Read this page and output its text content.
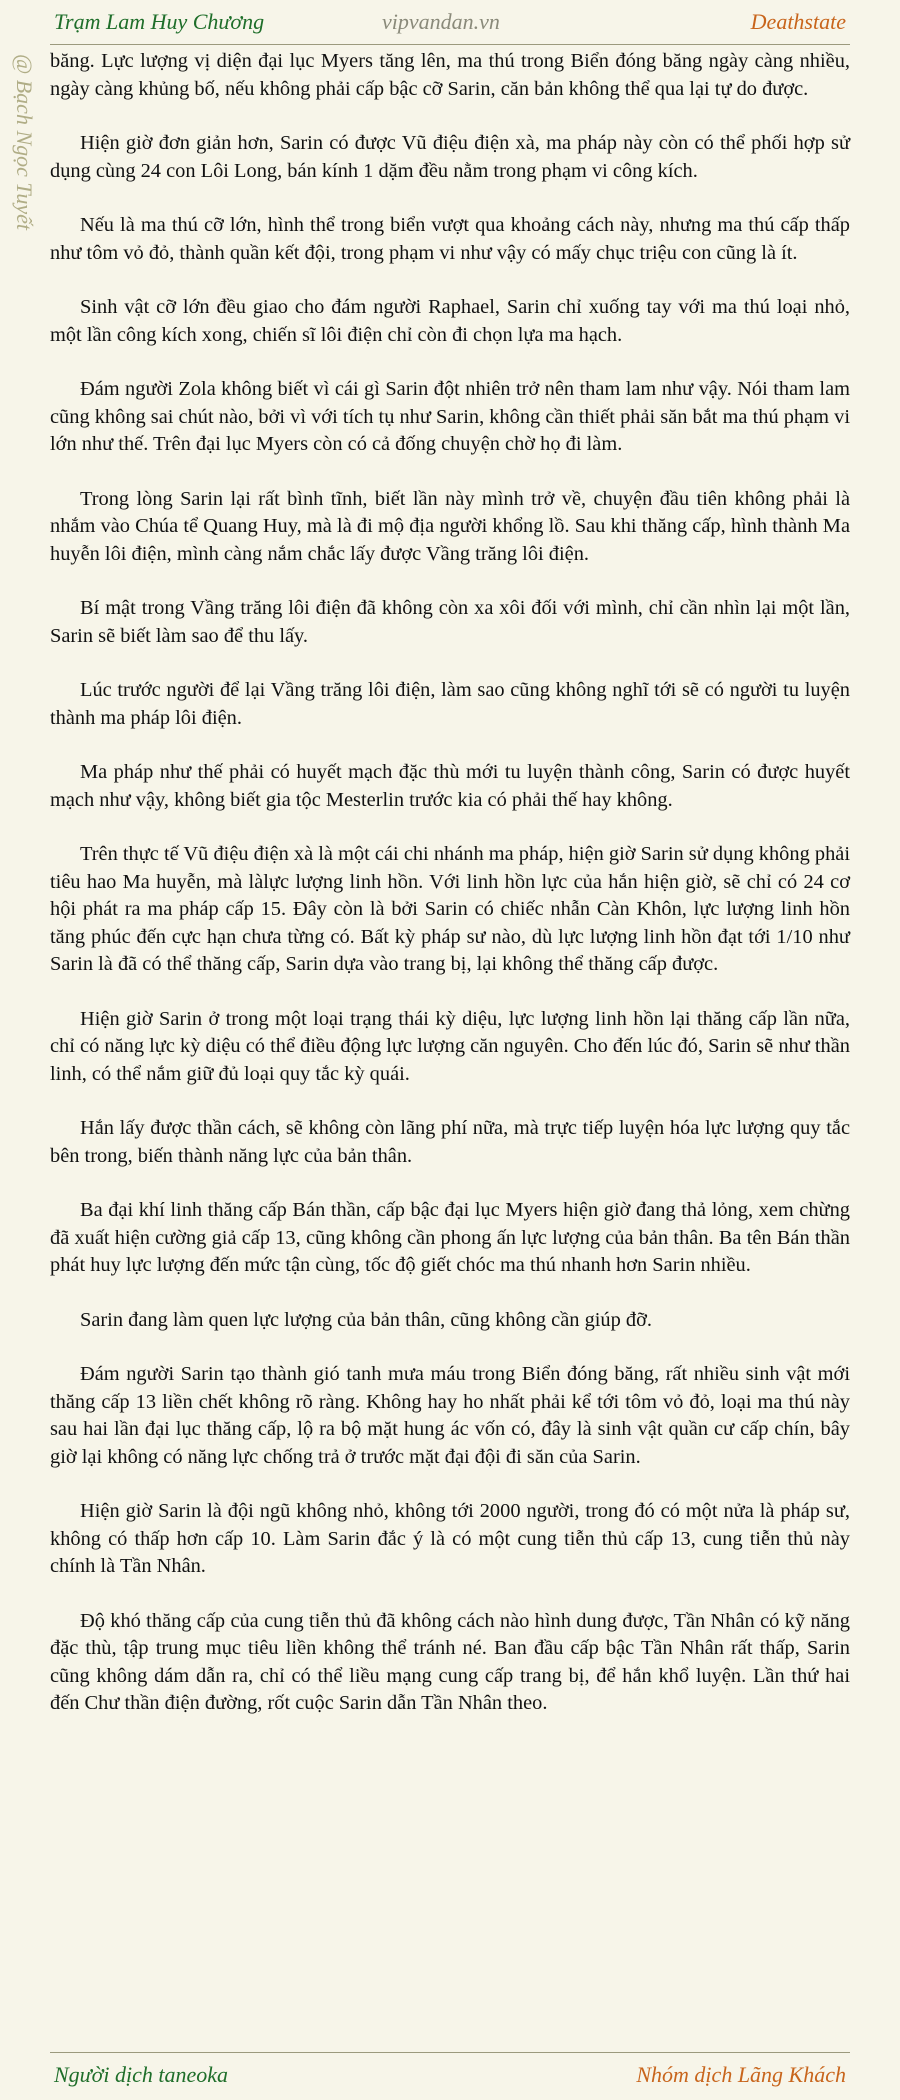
Trạm Lam Huy Chương	vipvandan.vn	Deathstate
@ Bạch Ngọc Tuyết băng. Lực lượng vị diện đại lục Myers tăng lên, ma thú trong Biển đóng băng ngày càng nhiều, ngày càng khủng bố, nếu không phải cấp bậc cỡ Sarin, căn bản không thể qua lại tự do được.

Hiện giờ đơn giản hơn, Sarin có được Vũ điệu điện xà, ma pháp này còn có thể phối hợp sử dụng cùng 24 con Lôi Long, bán kính 1 dặm đều nằm trong phạm vi công kích.

Nếu là ma thú cỡ lớn, hình thể trong biển vượt qua khoảng cách này, nhưng ma thú cấp thấp như tôm vỏ đỏ, thành quần kết đội, trong phạm vi như vậy có mấy chục triệu con cũng là ít.

Sinh vật cỡ lớn đều giao cho đám người Raphael, Sarin chỉ xuống tay với ma thú loại nhỏ, một lần công kích xong, chiến sĩ lôi điện chỉ còn đi chọn lựa ma hạch.

Đám người Zola không biết vì cái gì Sarin đột nhiên trở nên tham lam như vậy. Nói tham lam cũng không sai chút nào, bởi vì với tích tụ như Sarin, không cần thiết phải săn bắt ma thú phạm vi lớn như thế. Trên đại lục Myers còn có cả đống chuyện chờ họ đi làm.

Trong lòng Sarin lại rất bình tĩnh, biết lần này mình trở về, chuyện đầu tiên không phải là nhắm vào Chúa tể Quang Huy, mà là đi mộ địa người khổng lồ. Sau khi thăng cấp, hình thành Ma huyễn lôi điện, mình càng nắm chắc lấy được Vầng trăng lôi điện.

Bí mật trong Vầng trăng lôi điện đã không còn xa xôi đối với mình, chỉ cần nhìn lại một lần, Sarin sẽ biết làm sao để thu lấy.

Lúc trước người để lại Vầng trăng lôi điện, làm sao cũng không nghĩ tới sẽ có người tu luyện thành ma pháp lôi điện.

Ma pháp như thế phải có huyết mạch đặc thù mới tu luyện thành công, Sarin có được huyết mạch như vậy, không biết gia tộc Mesterlin trước kia có phải thế hay không.

Trên thực tế Vũ điệu điện xà là một cái chi nhánh ma pháp, hiện giờ Sarin sử dụng không phải tiêu hao Ma huyễn, mà làlực lượng linh hồn. Với linh hồn lực của hắn hiện giờ, sẽ chỉ có 24 cơ hội phát ra ma pháp cấp 15. Đây còn là bởi Sarin có chiếc nhẫn Càn Khôn, lực lượng linh hồn tăng phúc đến cực hạn chưa từng có. Bất kỳ pháp sư nào, dù lực lượng linh hồn đạt tới 1/10 như Sarin là đã có thể thăng cấp, Sarin dựa vào trang bị, lại không thể thăng cấp được.

Hiện giờ Sarin ở trong một loại trạng thái kỳ diệu, lực lượng linh hồn lại thăng cấp lần nữa, chỉ có năng lực kỳ diệu có thể điều động lực lượng căn nguyên. Cho đến lúc đó, Sarin sẽ như thần linh, có thể nắm giữ đủ loại quy tắc kỳ quái.

Hắn lấy được thần cách, sẽ không còn lãng phí nữa, mà trực tiếp luyện hóa lực lượng quy tắc bên trong, biến thành năng lực của bản thân.

Ba đại khí linh thăng cấp Bán thần, cấp bậc đại lục Myers hiện giờ đang thả lỏng, xem chừng đã xuất hiện cường giả cấp 13, cũng không cần phong ấn lực lượng của bản thân. Ba tên Bán thần phát huy lực lượng đến mức tận cùng, tốc độ giết chóc ma thú nhanh hơn Sarin nhiều.

Sarin đang làm quen lực lượng của bản thân, cũng không cần giúp đỡ.

Đám người Sarin tạo thành gió tanh mưa máu trong Biển đóng băng, rất nhiều sinh vật mới thăng cấp 13 liền chết không rõ ràng. Không hay ho nhất phải kể tới tôm vỏ đỏ, loại ma thú này sau hai lần đại lục thăng cấp, lộ ra bộ mặt hung ác vốn có, đây là sinh vật quần cư cấp chín, bây giờ lại không có năng lực chống trả ở trước mặt đại đội đi săn của Sarin.

Hiện giờ Sarin là đội ngũ không nhỏ, không tới 2000 người, trong đó có một nửa là pháp sư, không có thấp hơn cấp 10. Làm Sarin đắc ý là có một cung tiễn thủ cấp 13, cung tiễn thủ này chính là Tần Nhân.

Độ khó thăng cấp của cung tiễn thủ đã không cách nào hình dung được, Tần Nhân có kỹ năng đặc thù, tập trung mục tiêu liền không thể tránh né. Ban đầu cấp bậc Tần Nhân rất thấp, Sarin cũng không dám dẫn ra, chỉ có thể liều mạng cung cấp trang bị, để hắn khổ luyện. Lần thứ hai đến Chư thần điện đường, rốt cuộc Sarin dẫn Tần Nhân theo.

Người dịch taneoka	Nhóm dịch Lãng Khách
